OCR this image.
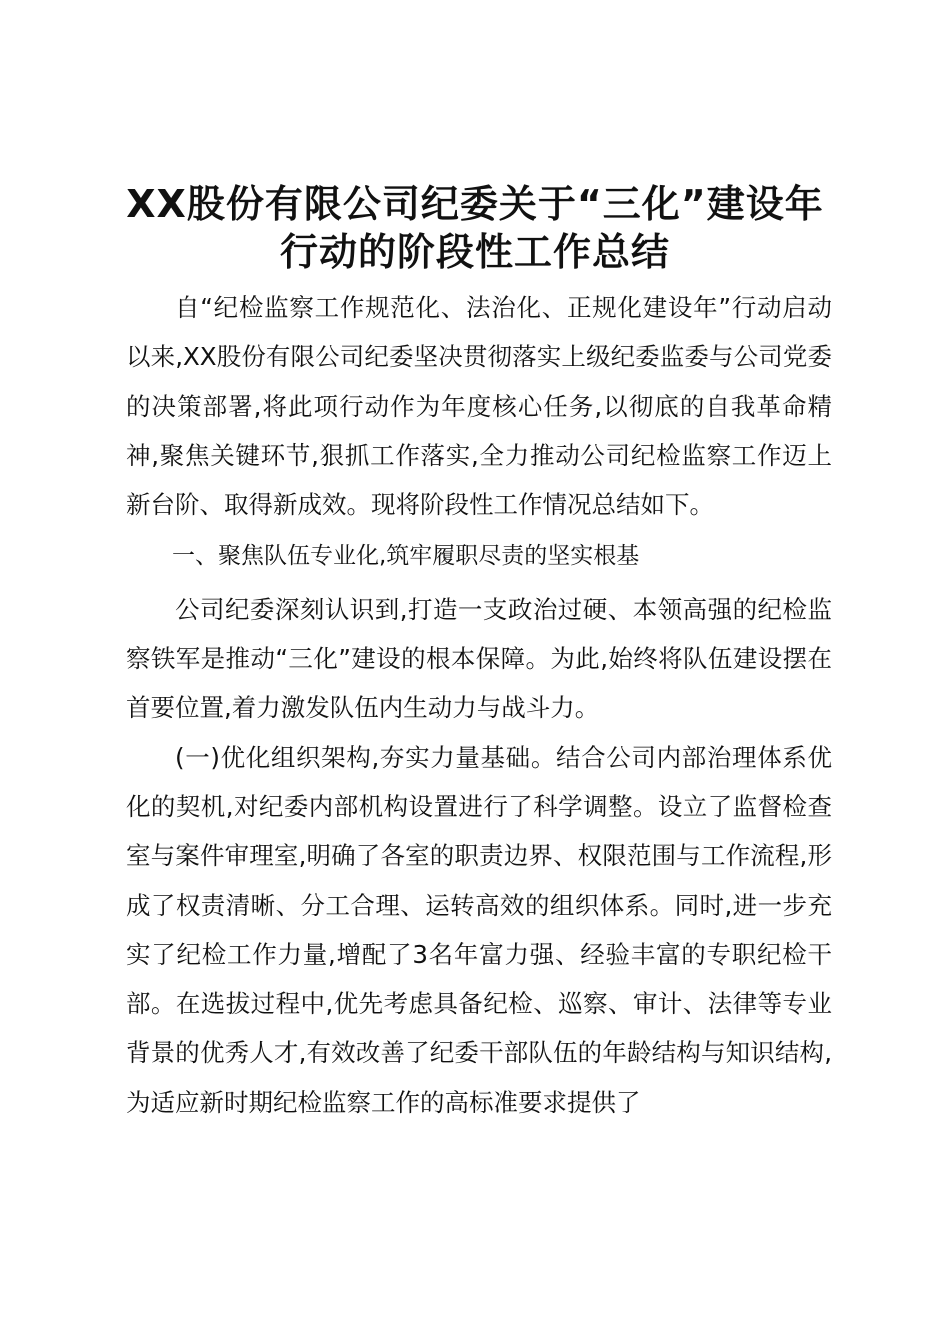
XX股份有限公司纪委关于“三化”建设年行动的阶段性工作总结

自“纪检监察工作规范化、法治化、正规化建设年”行动启动以来,XX股份有限公司纪委坚决贯彻落实上级纪委监委与公司党委的决策部署,将此项行动作为年度核心任务,以彻底的自我革命精神,聚焦关键环节,狠抓工作落实,全力推动公司纪检监察工作迈上新台阶、取得新成效。现将阶段性工作情况总结如下。

一、聚焦队伍专业化,筑牢履职尽责的坚实根基

公司纪委深刻认识到,打造一支政治过硬、本领高强的纪检监察铁军是推动“三化”建设的根本保障。为此,始终将队伍建设摆在首要位置,着力激发队伍内生动力与战斗力。

(一)优化组织架构,夯实力量基础。结合公司内部治理体系优化的契机,对纪委内部机构设置进行了科学调整。设立了监督检查室与案件审理室,明确了各室的职责边界、权限范围与工作流程,形成了权责清晰、分工合理、运转高效的组织体系。同时,进一步充实了纪检工作力量,增配了3名年富力强、经验丰富的专职纪检干部。在选拔过程中,优先考虑具备纪检、巡察、审计、法律等专业背景的优秀人才,有效改善了纪委干部队伍的年龄结构与知识结构,为适应新时期纪检监察工作的高标准要求提供了
